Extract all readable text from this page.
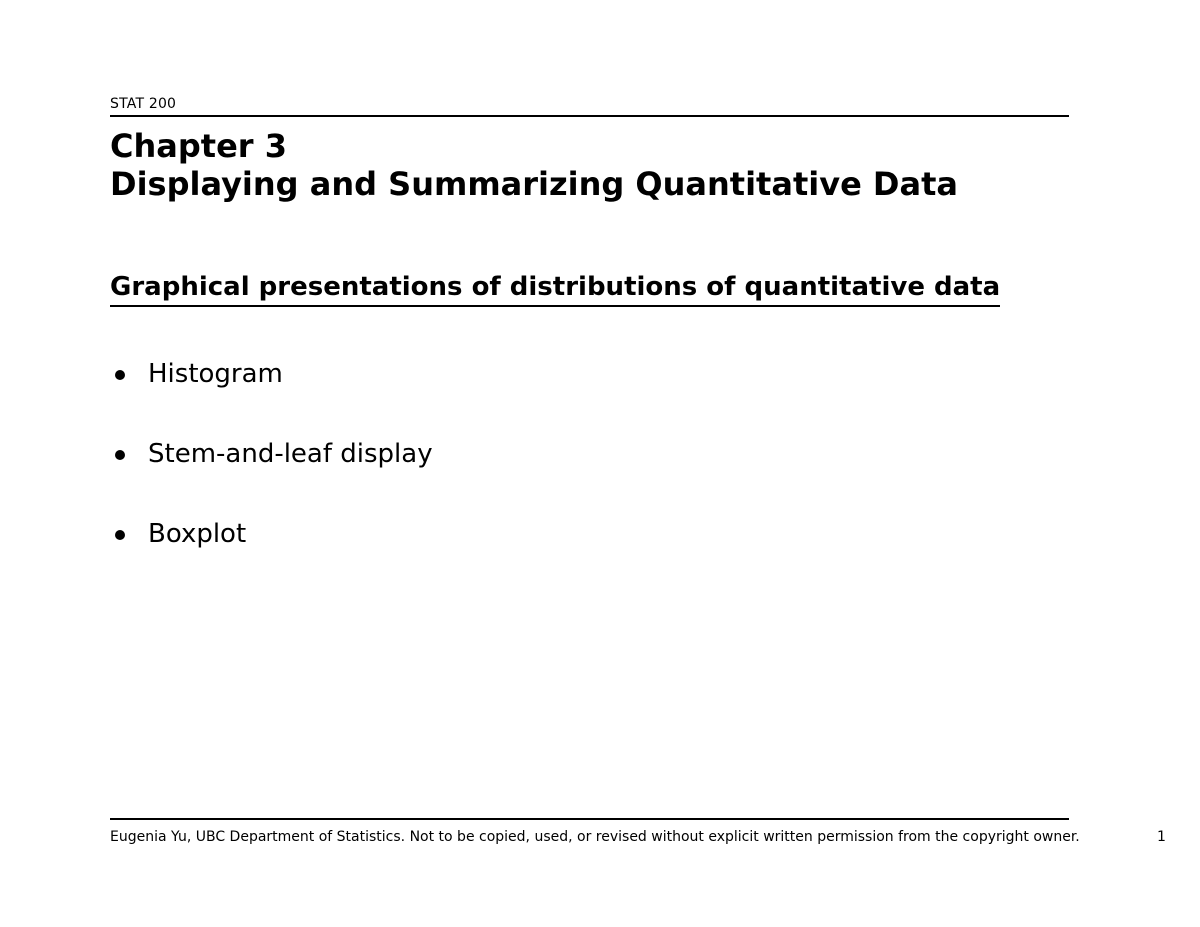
STAT 200
Chapter 3
Displaying and Summarizing Quantitative Data
Graphical presentations of distributions of quantitative data
Histogram
Stem-and-leaf display
Boxplot
Eugenia Yu, UBC Department of Statistics. Not to be copied, used, or revised without explicit written permission from the copyright owner.	1
